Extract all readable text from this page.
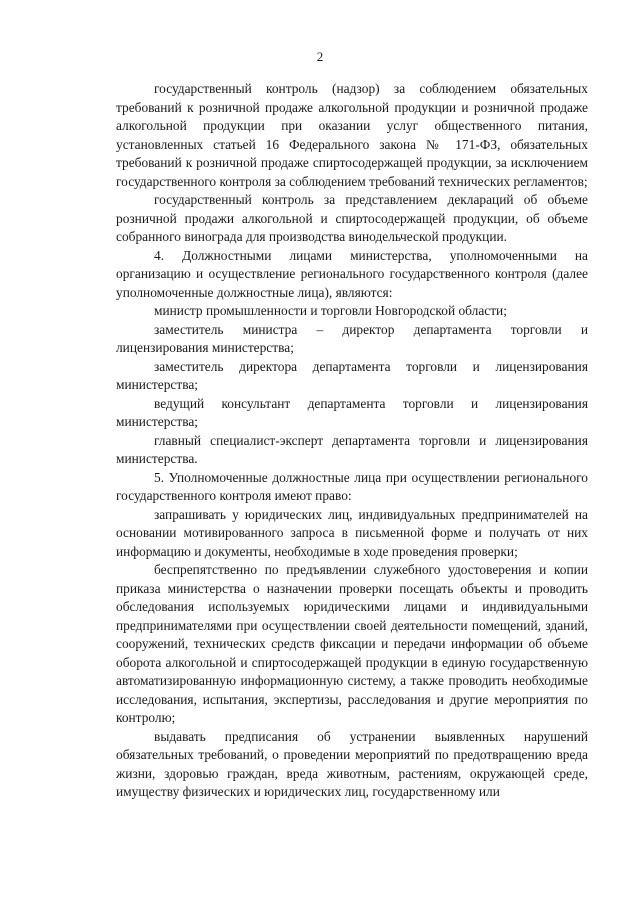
2

государственный контроль (надзор) за соблюдением обязательных требований к розничной продаже алкогольной продукции и розничной продаже алкогольной продукции при оказании услуг общественного питания, установленных статьей 16 Федерального закона № 171-ФЗ, обязательных требований к розничной продаже спиртосодержащей продукции, за исключением государственного контроля за соблюдением требований технических регламентов;

государственный контроль за представлением деклараций об объеме розничной продажи алкогольной и спиртосодержащей продукции, об объеме собранного винограда для производства винодельческой продукции.

4. Должностными лицами министерства, уполномоченными на организацию и осуществление регионального государственного контроля (далее уполномоченные должностные лица), являются:

министр промышленности и торговли Новгородской области;

заместитель министра – директор департамента торговли и лицензирования министерства;

заместитель директора департамента торговли и лицензирования министерства;

ведущий консультант департамента торговли и лицензирования министерства;

главный специалист-эксперт департамента торговли и лицензирования министерства.

5. Уполномоченные должностные лица при осуществлении регионального государственного контроля имеют право:

запрашивать у юридических лиц, индивидуальных предпринимателей на основании мотивированного запроса в письменной форме и получать от них информацию и документы, необходимые в ходе проведения проверки;

беспрепятственно по предъявлении служебного удостоверения и копии приказа министерства о назначении проверки посещать объекты и проводить обследования используемых юридическими лицами и индивидуальными предпринимателями при осуществлении своей деятельности помещений, зданий, сооружений, технических средств фиксации и передачи информации об объеме оборота алкогольной и спиртосодержащей продукции в единую государственную автоматизированную информационную систему, а также проводить необходимые исследования, испытания, экспертизы, расследования и другие мероприятия по контролю;

выдавать предписания об устранении выявленных нарушений обязательных требований, о проведении мероприятий по предотвращению вреда жизни, здоровью граждан, вреда животным, растениям, окружающей среде, имуществу физических и юридических лиц, государственному или
